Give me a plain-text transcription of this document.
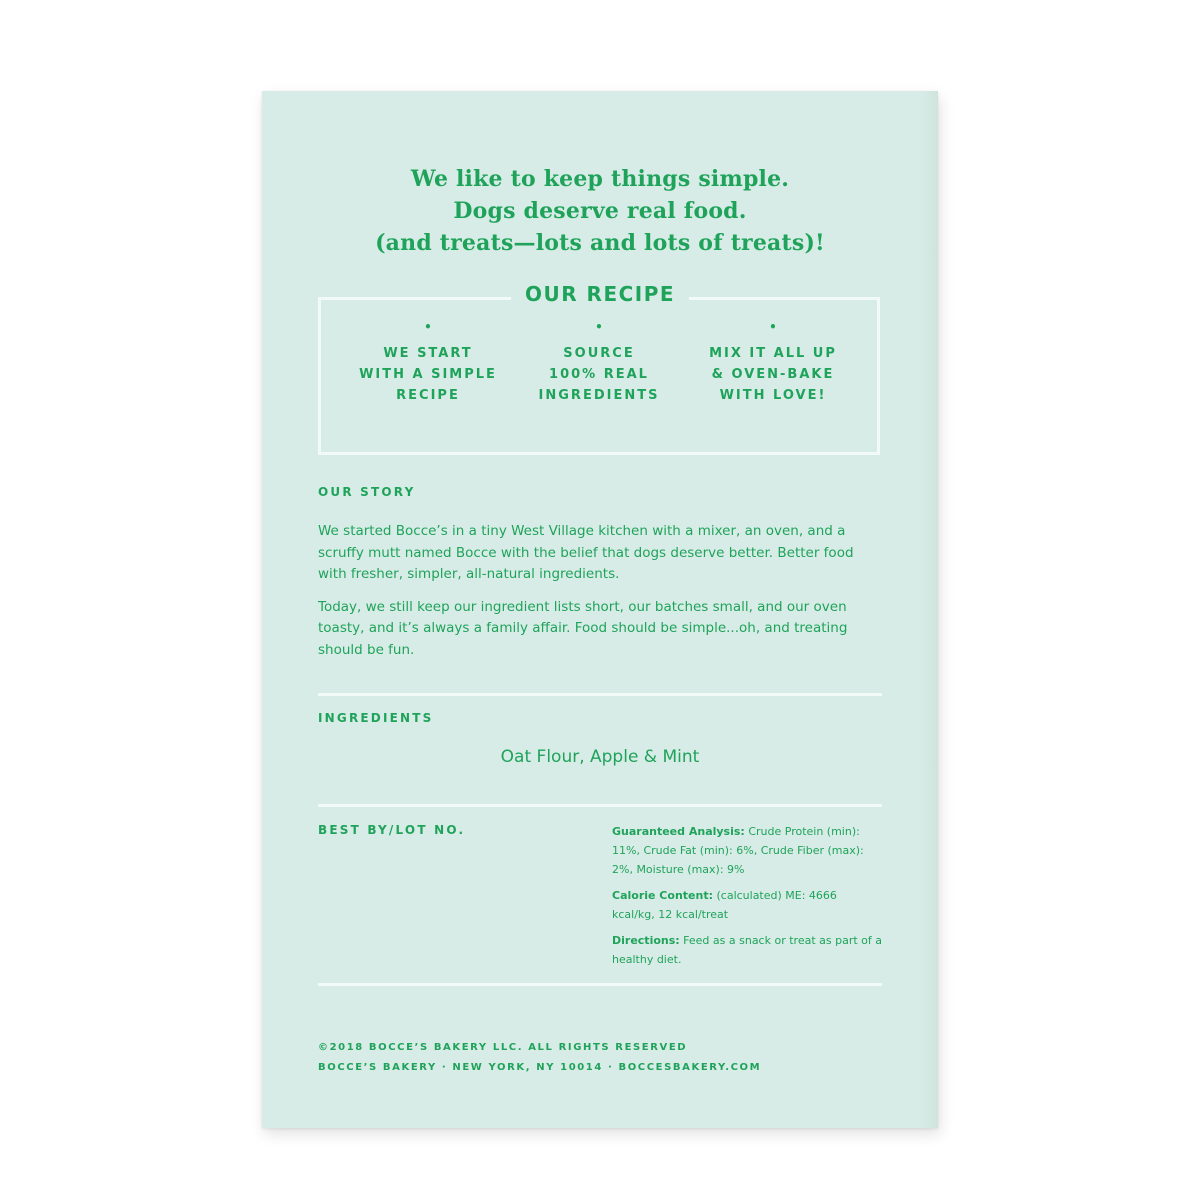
We like to keep things simple.
Dogs deserve real food.
(and treats—lots and lots of treats)!
OUR RECIPE
•
WE START
WITH A SIMPLE
RECIPE
•
SOURCE
100% REAL
INGREDIENTS
•
MIX IT ALL UP
& OVEN-BAKE
WITH LOVE!
OUR STORY

We started Bocce’s in a tiny West Village kitchen with a mixer, an oven, and a scruffy mutt named Bocce with the belief that dogs deserve better. Better food with fresher, simpler, all-natural ingredients.

Today, we still keep our ingredient lists short, our batches small, and our oven toasty, and it’s always a family affair. Food should be simple...oh, and treating should be fun.

INGREDIENTS
Oat Flour, Apple & Mint
BEST BY/LOT NO.	Guaranteed Analysis: Crude Protein (min): 11%, Crude Fat (min): 6%, Crude Fiber (max): 2%, Moisture (max): 9%

Calorie Content: (calculated) ME: 4666 kcal/kg, 12 kcal/treat

Directions: Feed as a snack or treat as part of a healthy diet.

©2018 BOCCE’S BAKERY LLC. ALL RIGHTS RESERVED
BOCCE’S BAKERY · NEW YORK, NY 10014 · BOCCESBAKERY.COM
